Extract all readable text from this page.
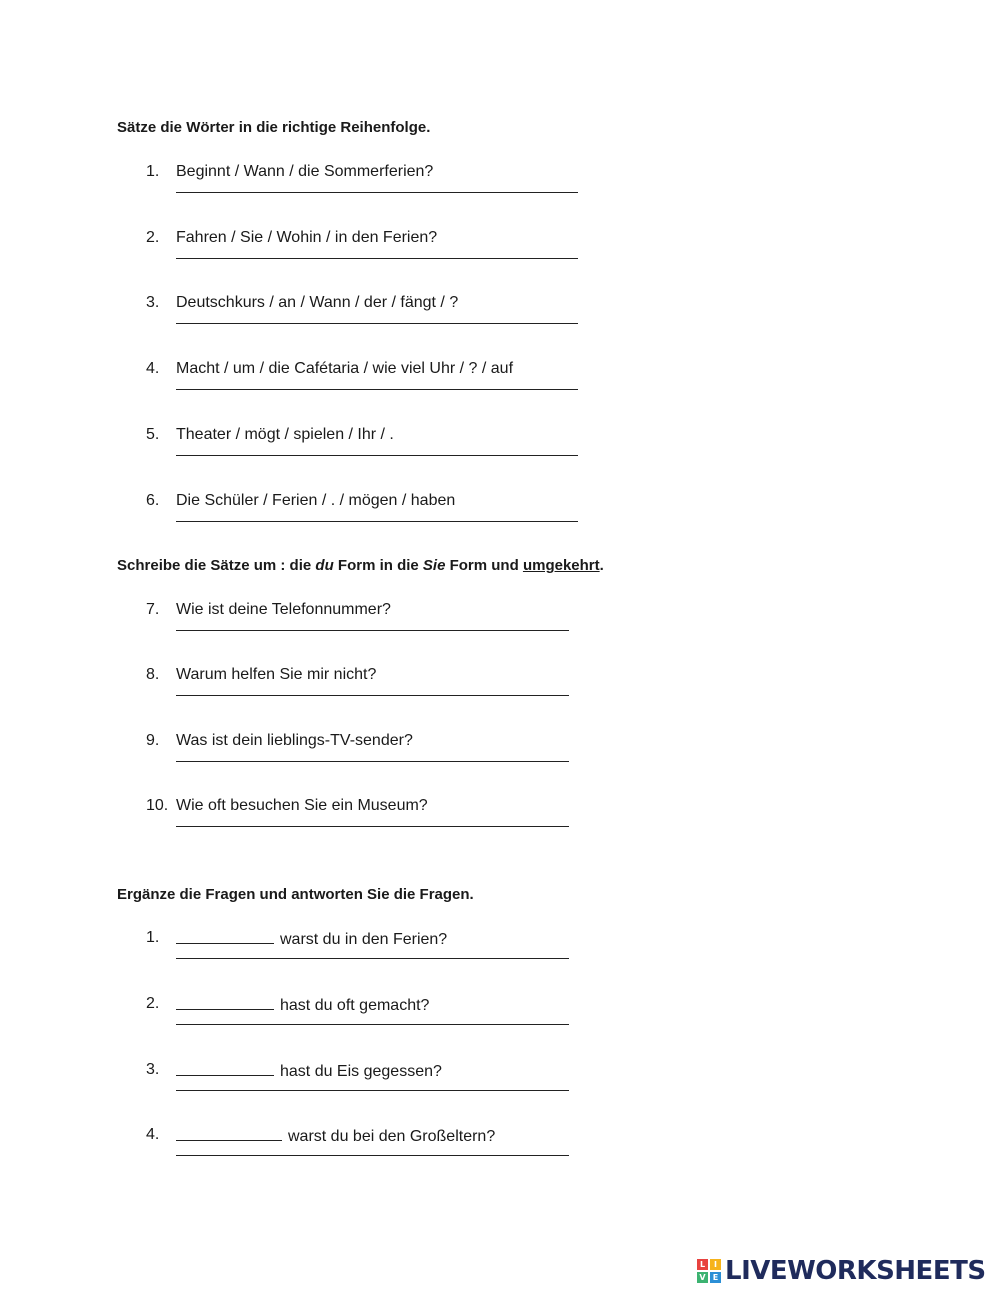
Sätze die Wörter in die richtige Reihenfolge.
1. Beginnt / Wann / die Sommerferien?
2. Fahren / Sie / Wohin / in den Ferien?
3. Deutschkurs / an / Wann / der / fängt / ?
4. Macht / um / die Cafétaria / wie viel Uhr / ? / auf
5. Theater / mögt / spielen / Ihr / .
6. Die Schüler / Ferien / . / mögen / haben
Schreibe die Sätze um : die du Form in die Sie Form und umgekehrt.
7. Wie ist deine Telefonnummer?
8. Warum helfen Sie mir nicht?
9. Was ist dein lieblings-TV-sender?
10. Wie oft besuchen Sie ein Museum?
Ergänze die Fragen und antworten Sie die Fragen.
1.	warst du in den Ferien?
2.	hast du oft gemacht?
3.	hast du Eis gegessen?
4.	warst du bei den Großeltern?
L	I
V E LIVEWORKSHEETS
